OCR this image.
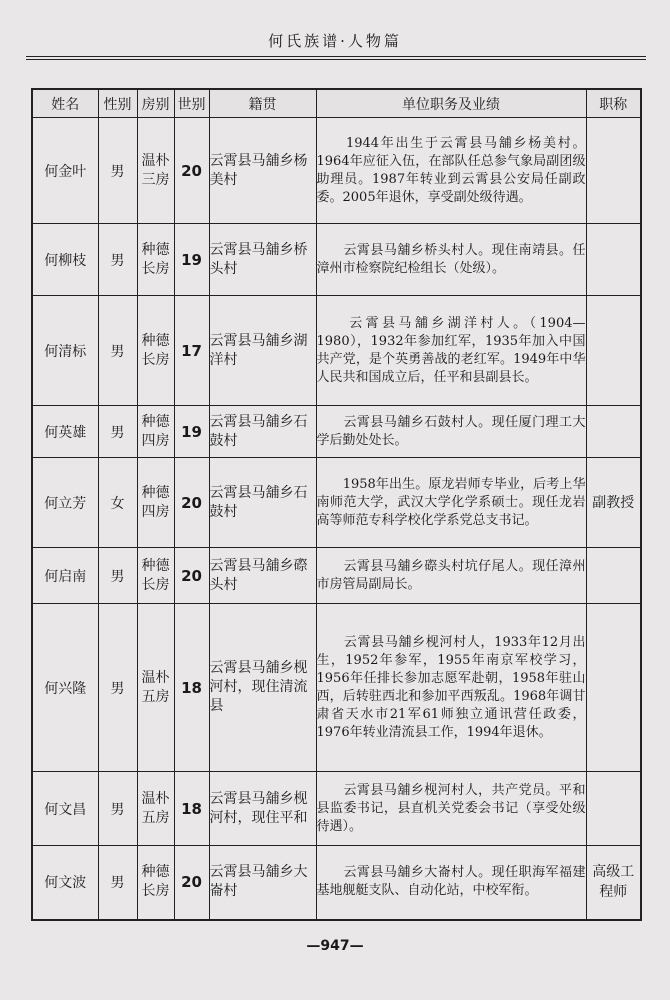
何氏族谱·人物篇
姓名	性别	房别	世别	籍贯	单位职务及业绩	职称
何金叶	男	温朴三房	20	云霄县马舖乡杨美村	　　1944年出生于云霄县马舖乡杨美村。1964年应征入伍，在部队任总参气象局副团级助理员。1987年转业到云霄县公安局任副政委。2005年退休，享受副处级待遇。	
何柳枝	男	种德长房	19	云霄县马舖乡桥头村	　　云霄县马舖乡桥头村人。现住南靖县。任漳州市检察院纪检组长（处级）。	
何清标	男	种德长房	17	云霄县马舖乡湖洋村	　　云霄县马舖乡湖洋村人。（1904—1980），1932年参加红军，1935年加入中国共产党，是个英勇善战的老红军。1949年中华人民共和国成立后，任平和县副县长。	
何英雄	男	种德四房	19	云霄县马舖乡石鼓村	　　云霄县马舖乡石鼓村人。现任厦门理工大学后勤处处长。	
何立芳	女	种德四房	20	云霄县马舖乡石鼓村	　　1958年出生。原龙岩师专毕业，后考上华南师范大学，武汉大学化学系硕士。现任龙岩高等师范专科学校化学系党总支书记。	副教授
何启南	男	种德长房	20	云霄县马舖乡磜头村	　　云霄县马舖乡磜头村坑仔尾人。现任漳州市房管局副局长。	
何兴隆	男	温朴五房	18	云霄县马舖乡枧河村，现住清流县	　　云霄县马舖乡枧河村人，1933年12月出生，1952年参军，1955年南京军校学习，1956年任排长参加志愿军赴朝，1958年驻山西，后转驻西北和参加平西叛乱。1968年调甘肃省天水市21军61师独立通讯营任政委，1976年转业清流县工作，1994年退休。	
何文昌	男	温朴五房	18	云霄县马舖乡枧河村，现住平和	　　云霄县马舖乡枧河村人，共产党员。平和县监委书记，县直机关党委会书记（享受处级待遇）。	
何文波	男	种德长房	20	云霄县马舖乡大崙村	　　云霄县马舖乡大崙村人。现任职海军福建基地舰艇支队、自动化站，中校军衔。	高级工程师
—947—
